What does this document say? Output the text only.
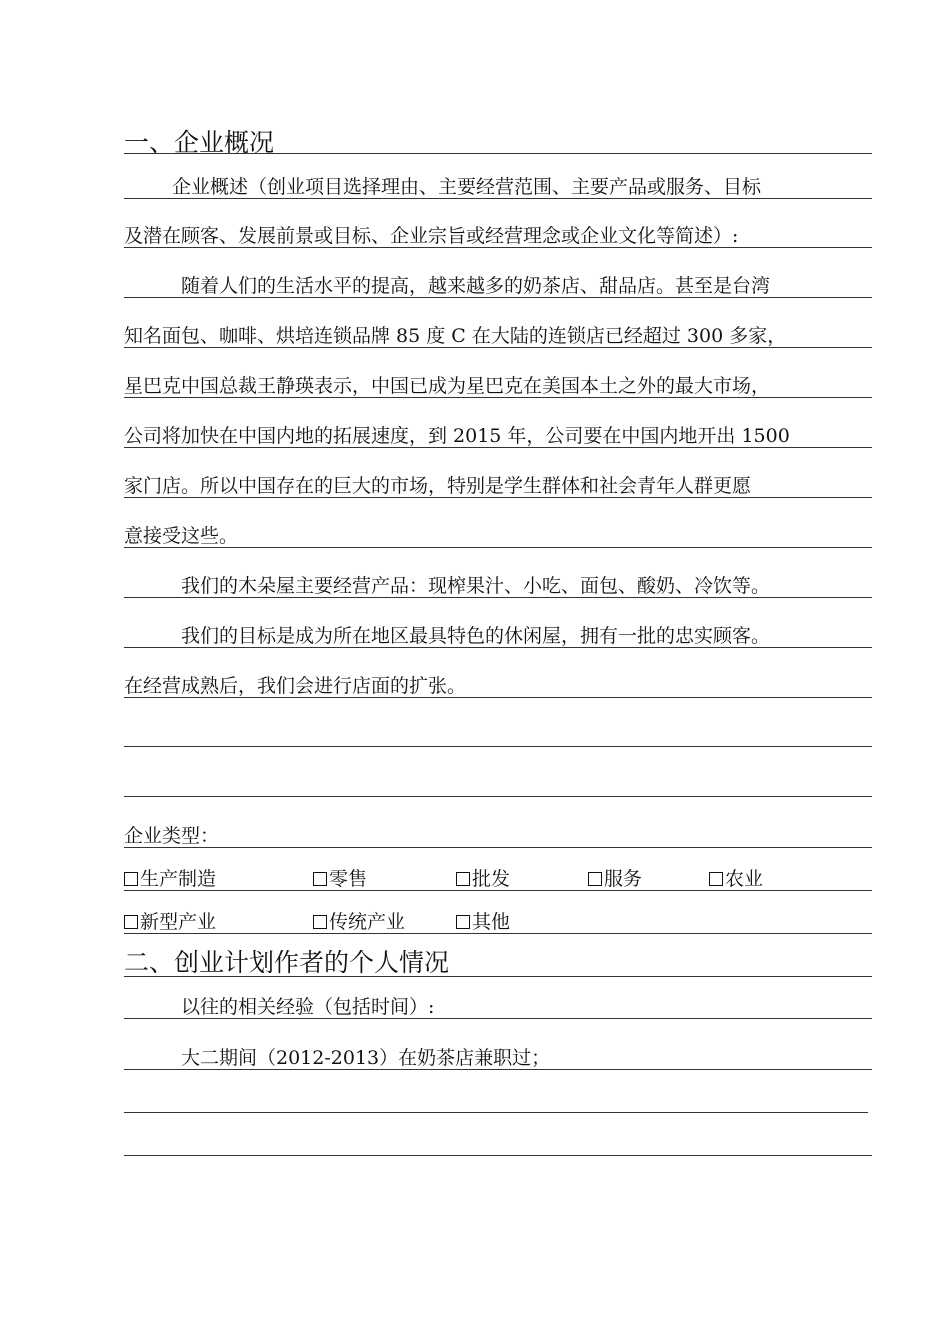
一、企业概况
企业概述（创业项目选择理由、主要经营范围、主要产品或服务、目标
及潜在顾客、发展前景或目标、企业宗旨或经营理念或企业文化等简述）:
随着人们的生活水平的提高，越来越多的奶茶店、甜品店。甚至是台湾
知名面包、咖啡、烘培连锁品牌 85 度 C 在大陆的连锁店已经超过 300 多家，
星巴克中国总裁王静瑛表示，中国已成为星巴克在美国本土之外的最大市场，
公司将加快在中国内地的拓展速度，到 2015 年，公司要在中国内地开出 1500
家门店。所以中国存在的巨大的市场，特别是学生群体和社会青年人群更愿
意接受这些。
我们的木朵屋主要经营产品：现榨果汁、小吃、面包、酸奶、冷饮等。
我们的目标是成为所在地区最具特色的休闲屋，拥有一批的忠实顾客。
在经营成熟后，我们会进行店面的扩张。
企业类型：
生产制造	零售	批发	服务	农业
新型产业	传统产业	其他
二、创业计划作者的个人情况
以往的相关经验（包括时间）:
大二期间（2012-2013）在奶茶店兼职过；
